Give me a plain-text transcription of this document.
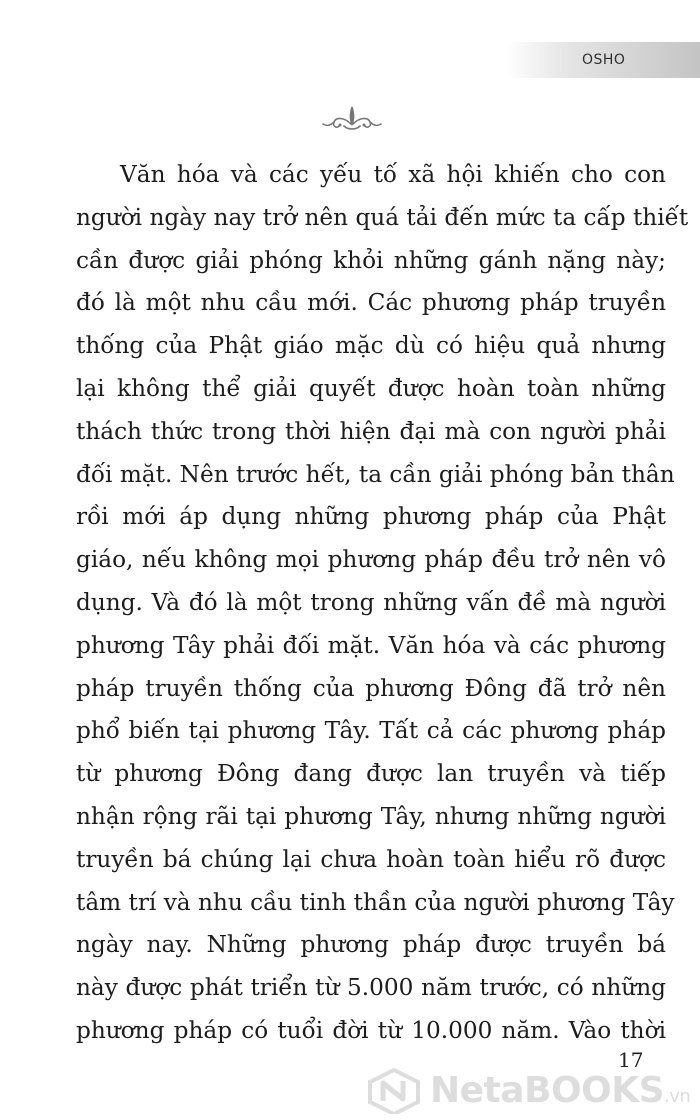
OSHO
Văn hóa và các yếu tố xã hội khiến cho con
người ngày nay trở nên quá tải đến mức ta cấp thiết
cần được giải phóng khỏi những gánh nặng này;
đó là một nhu cầu mới. Các phương pháp truyền
thống của Phật giáo mặc dù có hiệu quả nhưng
lại không thể giải quyết được hoàn toàn những
thách thức trong thời hiện đại mà con người phải
đối mặt. Nên trước hết, ta cần giải phóng bản thân
rồi mới áp dụng những phương pháp của Phật
giáo, nếu không mọi phương pháp đều trở nên vô
dụng. Và đó là một trong những vấn đề mà người
phương Tây phải đối mặt. Văn hóa và các phương
pháp truyền thống của phương Đông đã trở nên
phổ biến tại phương Tây. Tất cả các phương pháp
từ phương Đông đang được lan truyền và tiếp
nhận rộng rãi tại phương Tây, nhưng những người
truyền bá chúng lại chưa hoàn toàn hiểu rõ được
tâm trí và nhu cầu tinh thần của người phương Tây
ngày nay. Những phương pháp được truyền bá
này được phát triển từ 5.000 năm trước, có những
phương pháp có tuổi đời từ 10.000 năm. Vào thời
17
NetaBOOKS.vn
